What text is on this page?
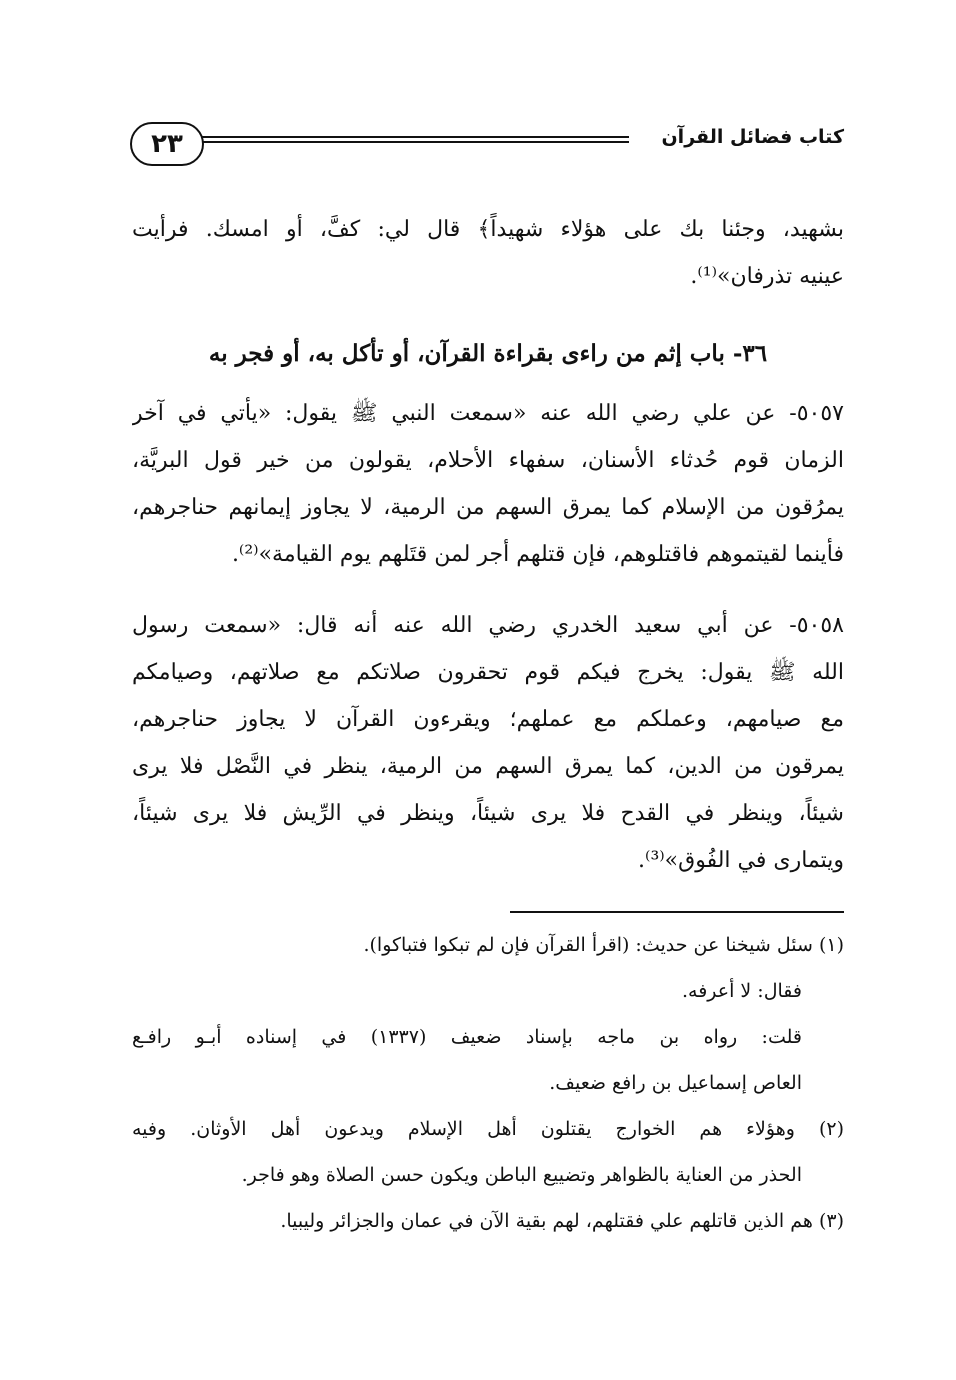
٢٣	كتاب فضائل القرآن
بشهيد، وجئنا بك على هؤلاء شهيداً﴾ قال لي: كفَّ، أو امسك. فرأيت
عينيه تذرفان»⁽¹⁾.
٣٦- باب إثم من راءى بقراءة القرآن، أو تأكل به، أو فجر به
٥٠٥٧- عن علي رضي الله عنه «سمعت النبي ﷺ يقول: «يأتي في آخر
الزمان قوم حُدثاء الأسنان، سفهاء الأحلام، يقولون من خير قول البريَّة،
يمرُقون من الإسلام كما يمرق السهم من الرمية، لا يجاوز إيمانهم حناجرهم،
فأينما لقيتموهم فاقتلوهم، فإن قتلهم أجر لمن قتَلهم يوم القيامة»⁽²⁾.
٥٠٥٨- عن أبي سعيد الخدري رضي الله عنه أنه قال: «سمعت رسول
الله ﷺ يقول: يخرج فيكم قوم تحقرون صلاتكم مع صلاتهم، وصيامكم
مع صيامهم، وعملكم مع عملهم؛ ويقرءون القرآن لا يجاوز حناجرهم،
يمرقون من الدين، كما يمرق السهم من الرمية، ينظر في النَّصْل فلا يرى
شيئاً، وينظر في القدح فلا يرى شيئاً، وينظر في الرِّيش فلا يرى شيئاً،
ويتمارى في الفُوق»⁽³⁾.
(١) سئل شيخنا عن حديث: (اقرأ القرآن فإن لم تبكوا فتباكوا).
فقال: لا أعرفه.
قلت: رواه بن ماجه بإسناد ضعيف (١٣٣٧) في إسناده أبـو رافـع
العاص إسماعيل بن رافع ضعيف.
(٢) وهؤلاء هم الخوارج يقتلون أهل الإسلام ويدعون أهل الأوثان. وفيه
الحذر من العناية بالظواهر وتضييع الباطن ويكون حسن الصلاة وهو فاجر.
(٣) هم الذين قاتلهم علي فقتلهم، لهم بقية الآن في عمان والجزائر وليبيا.
